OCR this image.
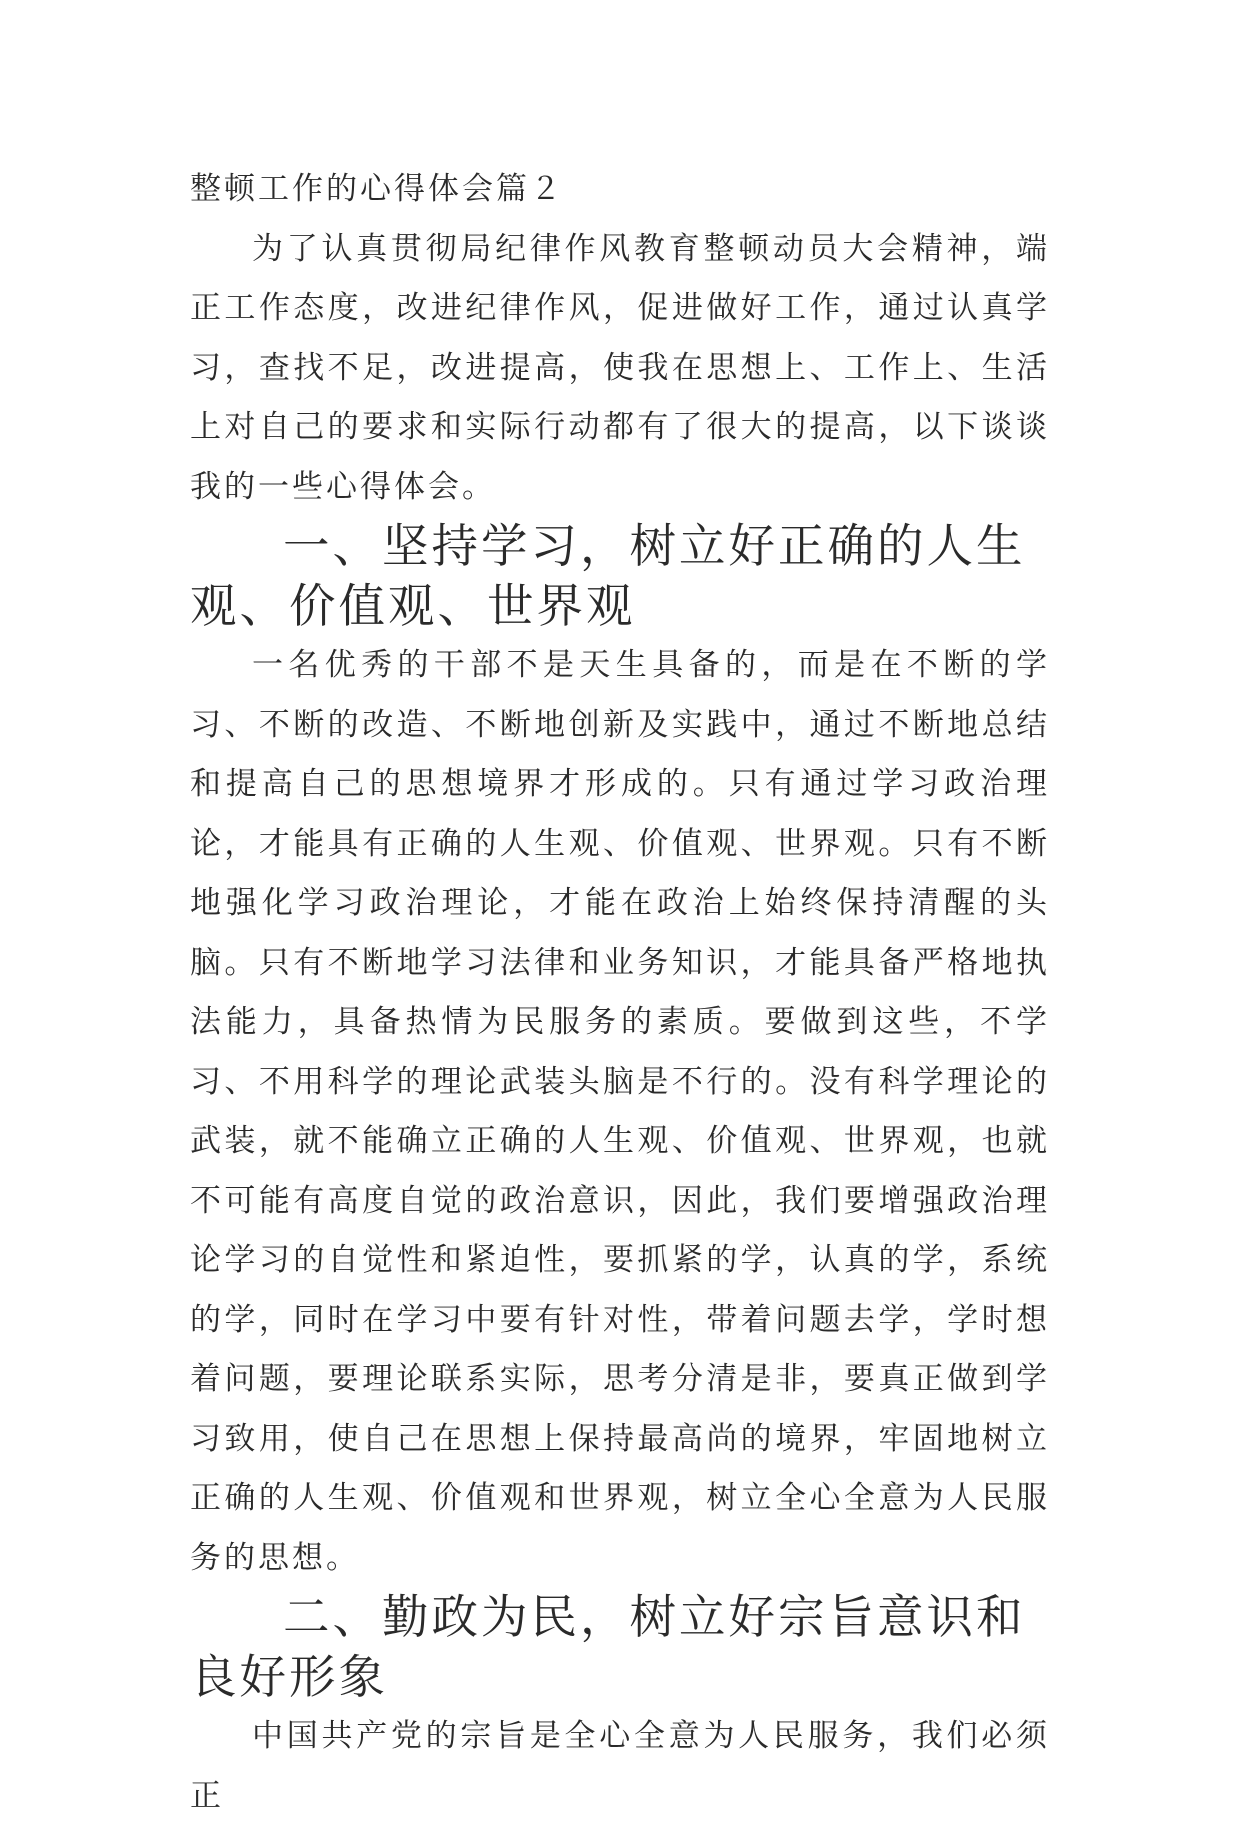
整顿工作的心得体会篇２

为了认真贯彻局纪律作风教育整顿动员大会精神，端正工作态度，改进纪律作风，促进做好工作，通过认真学习，查找不足，改进提高，使我在思想上、工作上、生活上对自己的要求和实际行动都有了很大的提高，以下谈谈我的一些心得体会。

一、坚持学习，树立好正确的人生观、价值观、世界观

一名优秀的干部不是天生具备的，而是在不断的学习、不断的改造、不断地创新及实践中，通过不断地总结和提高自己的思想境界才形成的。只有通过学习政治理论，才能具有正确的人生观、价值观、世界观。只有不断地强化学习政治理论，才能在政治上始终保持清醒的头脑。只有不断地学习法律和业务知识，才能具备严格地执法能力，具备热情为民服务的素质。要做到这些，不学习、不用科学的理论武装头脑是不行的。没有科学理论的武装，就不能确立正确的人生观、价值观、世界观，也就不可能有高度自觉的政治意识，因此，我们要增强政治理论学习的自觉性和紧迫性，要抓紧的学，认真的学，系统的学，同时在学习中要有针对性，带着问题去学，学时想着问题，要理论联系实际，思考分清是非，要真正做到学习致用，使自己在思想上保持最高尚的境界，牢固地树立正确的人生观、价值观和世界观，树立全心全意为人民服务的思想。

二、勤政为民，树立好宗旨意识和良好形象

中国共产党的宗旨是全心全意为人民服务，我们必须正
